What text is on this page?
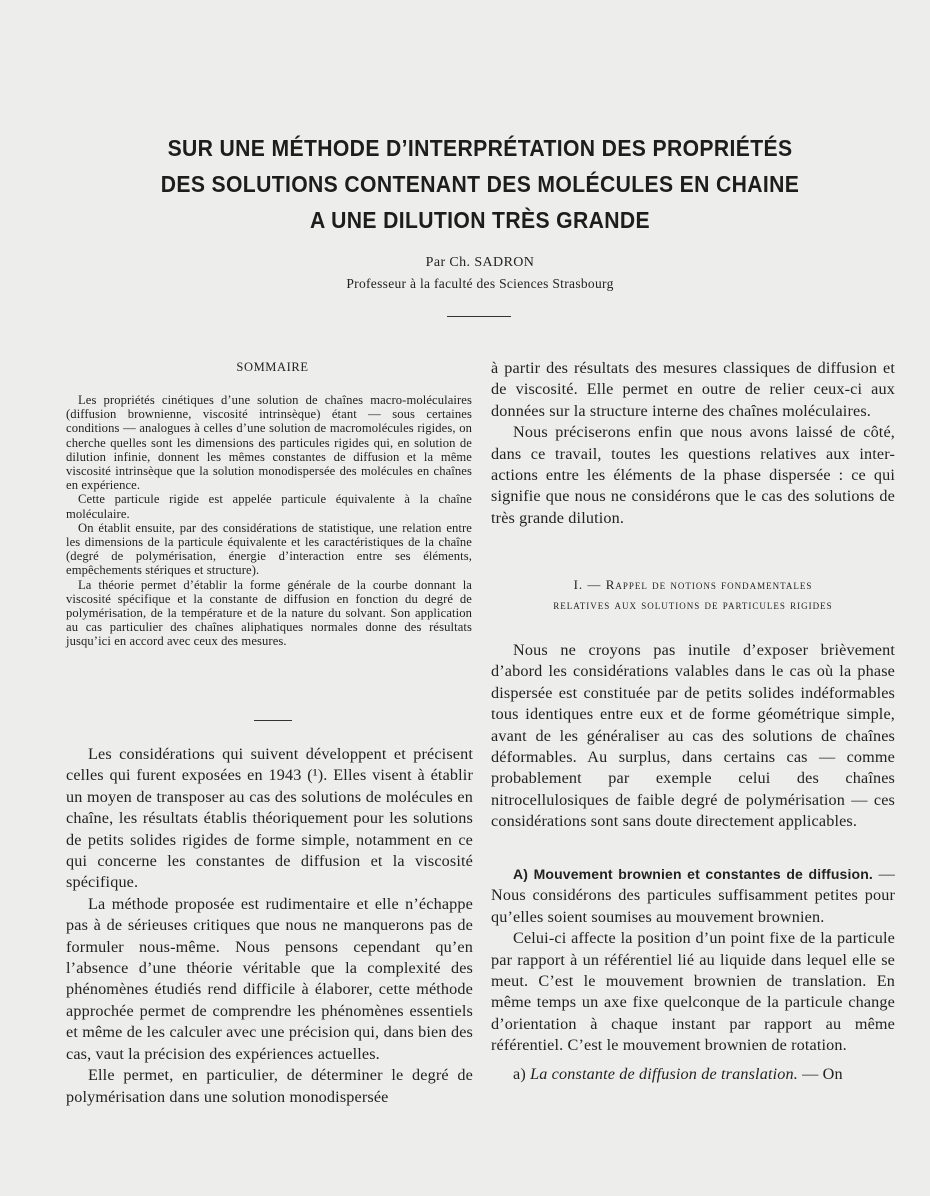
SUR UNE MÉTHODE D’INTERPRÉTATION DES PROPRIÉTÉS
DES SOLUTIONS CONTENANT DES MOLÉCULES EN CHAINE
A UNE DILUTION TRÈS GRANDE
Par Ch. SADRON
Professeur à la faculté des Sciences Strasbourg
SOMMAIRE

Les propriétés cinétiques d’une solution de chaînes macro-moléculaires (diffusion brownienne, viscosité intrinsèque) étant — sous certaines conditions — analogues à celles d’une solution de macromolécules rigides, on cherche quelles sont les dimensions des particules rigides qui, en solution de dilution infinie, donnent les mêmes constantes de diffusion et la même viscosité intrinsèque que la solution monodispersée des molécules en chaînes en expérience.

Cette particule rigide est appelée particule équivalente à la chaîne moléculaire.

On établit ensuite, par des considérations de statistique, une relation entre les dimensions de la particule équivalente et les caractéristiques de la chaîne (degré de polymérisation, énergie d’interaction entre ses éléments, empêchements stériques et structure).

La théorie permet d’établir la forme générale de la courbe donnant la viscosité spécifique et la constante de diffusion en fonction du degré de polymérisation, de la température et de la nature du solvant. Son application au cas particulier des chaînes aliphatiques normales donne des résultats jusqu’ici en accord avec ceux des mesures.

Les considérations qui suivent développent et précisent celles qui furent exposées en 1943 (¹). Elles visent à établir un moyen de transposer au cas des solutions de molécules en chaîne, les résultats établis théoriquement pour les solutions de petits solides rigides de forme simple, notamment en ce qui concerne les constantes de diffusion et la viscosité spécifique.

La méthode proposée est rudimentaire et elle n’échappe pas à de sérieuses critiques que nous ne manquerons pas de formuler nous-même. Nous pensons cependant qu’en l’absence d’une théorie véritable que la complexité des phénomènes étudiés rend difficile à élaborer, cette méthode approchée permet de comprendre les phénomènes essentiels et même de les calculer avec une précision qui, dans bien des cas, vaut la précision des expériences actuelles.

Elle permet, en particulier, de déterminer le degré de polymérisation dans une solution monodispersée

à partir des résultats des mesures classiques de diffusion et de viscosité. Elle permet en outre de relier ceux-ci aux données sur la structure interne des chaînes moléculaires.

Nous préciserons enfin que nous avons laissé de côté, dans ce travail, toutes les questions relatives aux inter-actions entre les éléments de la phase dispersée : ce qui signifie que nous ne considérons que le cas des solutions de très grande dilution.

I. — Rappel de notions fondamentales
relatives aux solutions de particules rigides

Nous ne croyons pas inutile d’exposer brièvement d’abord les considérations valables dans le cas où la phase dispersée est constituée par de petits solides indéformables tous identiques entre eux et de forme géométrique simple, avant de les généraliser au cas des solutions de chaînes déformables. Au surplus, dans certains cas — comme probablement par exemple celui des chaînes nitrocellulosiques de faible degré de polymérisation — ces considérations sont sans doute directement applicables.

A) Mouvement brownien et constantes de diffusion. — Nous considérons des particules suffisamment petites pour qu’elles soient soumises au mouvement brownien.

Celui-ci affecte la position d’un point fixe de la particule par rapport à un référentiel lié au liquide dans lequel elle se meut. C’est le mouvement brownien de translation. En même temps un axe fixe quelconque de la particule change d’orientation à chaque instant par rapport au même référentiel. C’est le mouvement brownien de rotation.

a) La constante de diffusion de translation. — On
